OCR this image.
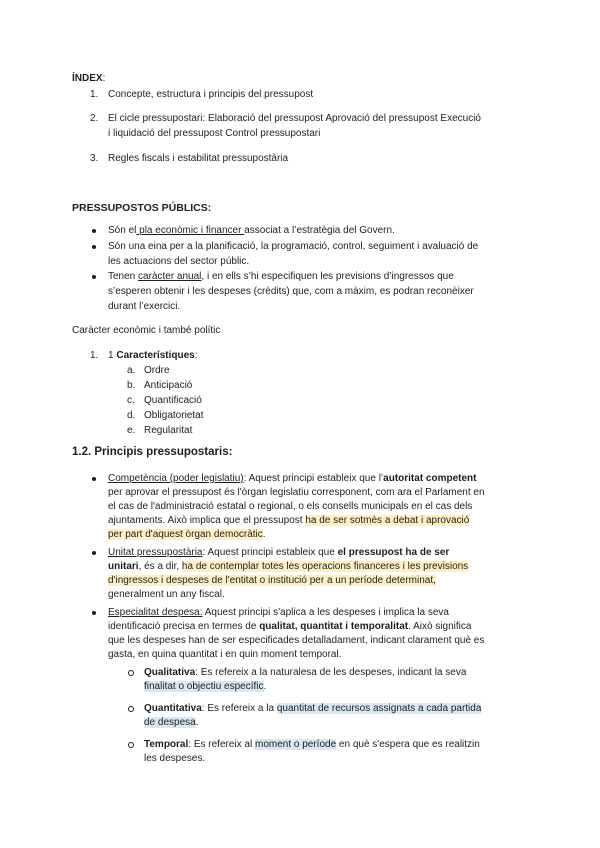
ÍNDEX:
1. Concepte, estructura i principis del pressupost
2. El cicle pressupostari: Elaboració del pressupost Aprovació del pressupost Execució
i liquidació del pressupost Control pressupostari
3. Regles fiscals i estabilitat pressupostària
PRESSUPOSTOS PÚBLICS:
Són el pla econòmic i financer associat a l’estratègia del Govern.
Són una eina per a la planificació, la programació, control, seguiment i avaluació de
les actuacions del sector públic.
Tenen caràcter anual, i en ells s’hi especifiquen les previsions d’ingressos que
s’esperen obtenir i les despeses (crèdits) que, com a màxim, es podran reconèixer
durant l’exercici.
Caràcter econòmic i també polític
1. 1 Característiques:
a. Ordre
b. Anticipació
c. Quantificació
d. Obligatorietat
e. Regularitat
1.2. Principis pressupostaris:
Competència (poder legislatiu): Aquest principi estableix que l’autoritat competent
per aprovar el pressupost és l'òrgan legislatiu corresponent, com ara el Parlament en
el cas de l'administració estatal o regional, o els consells municipals en el cas dels
ajuntaments. Això implica que el pressupost ha de ser sotmès a debat i aprovació
per part d'aquest òrgan democràtic.
Unitat pressupostària: Aquest principi estableix que el pressupost ha de ser
unitari, és a dir, ha de contemplar totes les operacions financeres i les previsions
d'ingressos i despeses de l'entitat o institució per a un període determinat,
generalment un any fiscal.
Especialitat despesa: Aquest principi s'aplica a les despeses i implica la seva
identificació precisa en termes de qualitat, quantitat i temporalitat. Això significa
que les despeses han de ser especificades detalladament, indicant clarament què es
gasta, en quina quantitat i en quin moment temporal.
Qualitativa: Es refereix a la naturalesa de les despeses, indicant la seva
finalitat o objectiu específic.
Quantitativa: Es refereix a la quantitat de recursos assignats a cada partida
de despesa.
Temporal: Es refereix al moment o període en què s'espera que es realitzin
les despeses.
